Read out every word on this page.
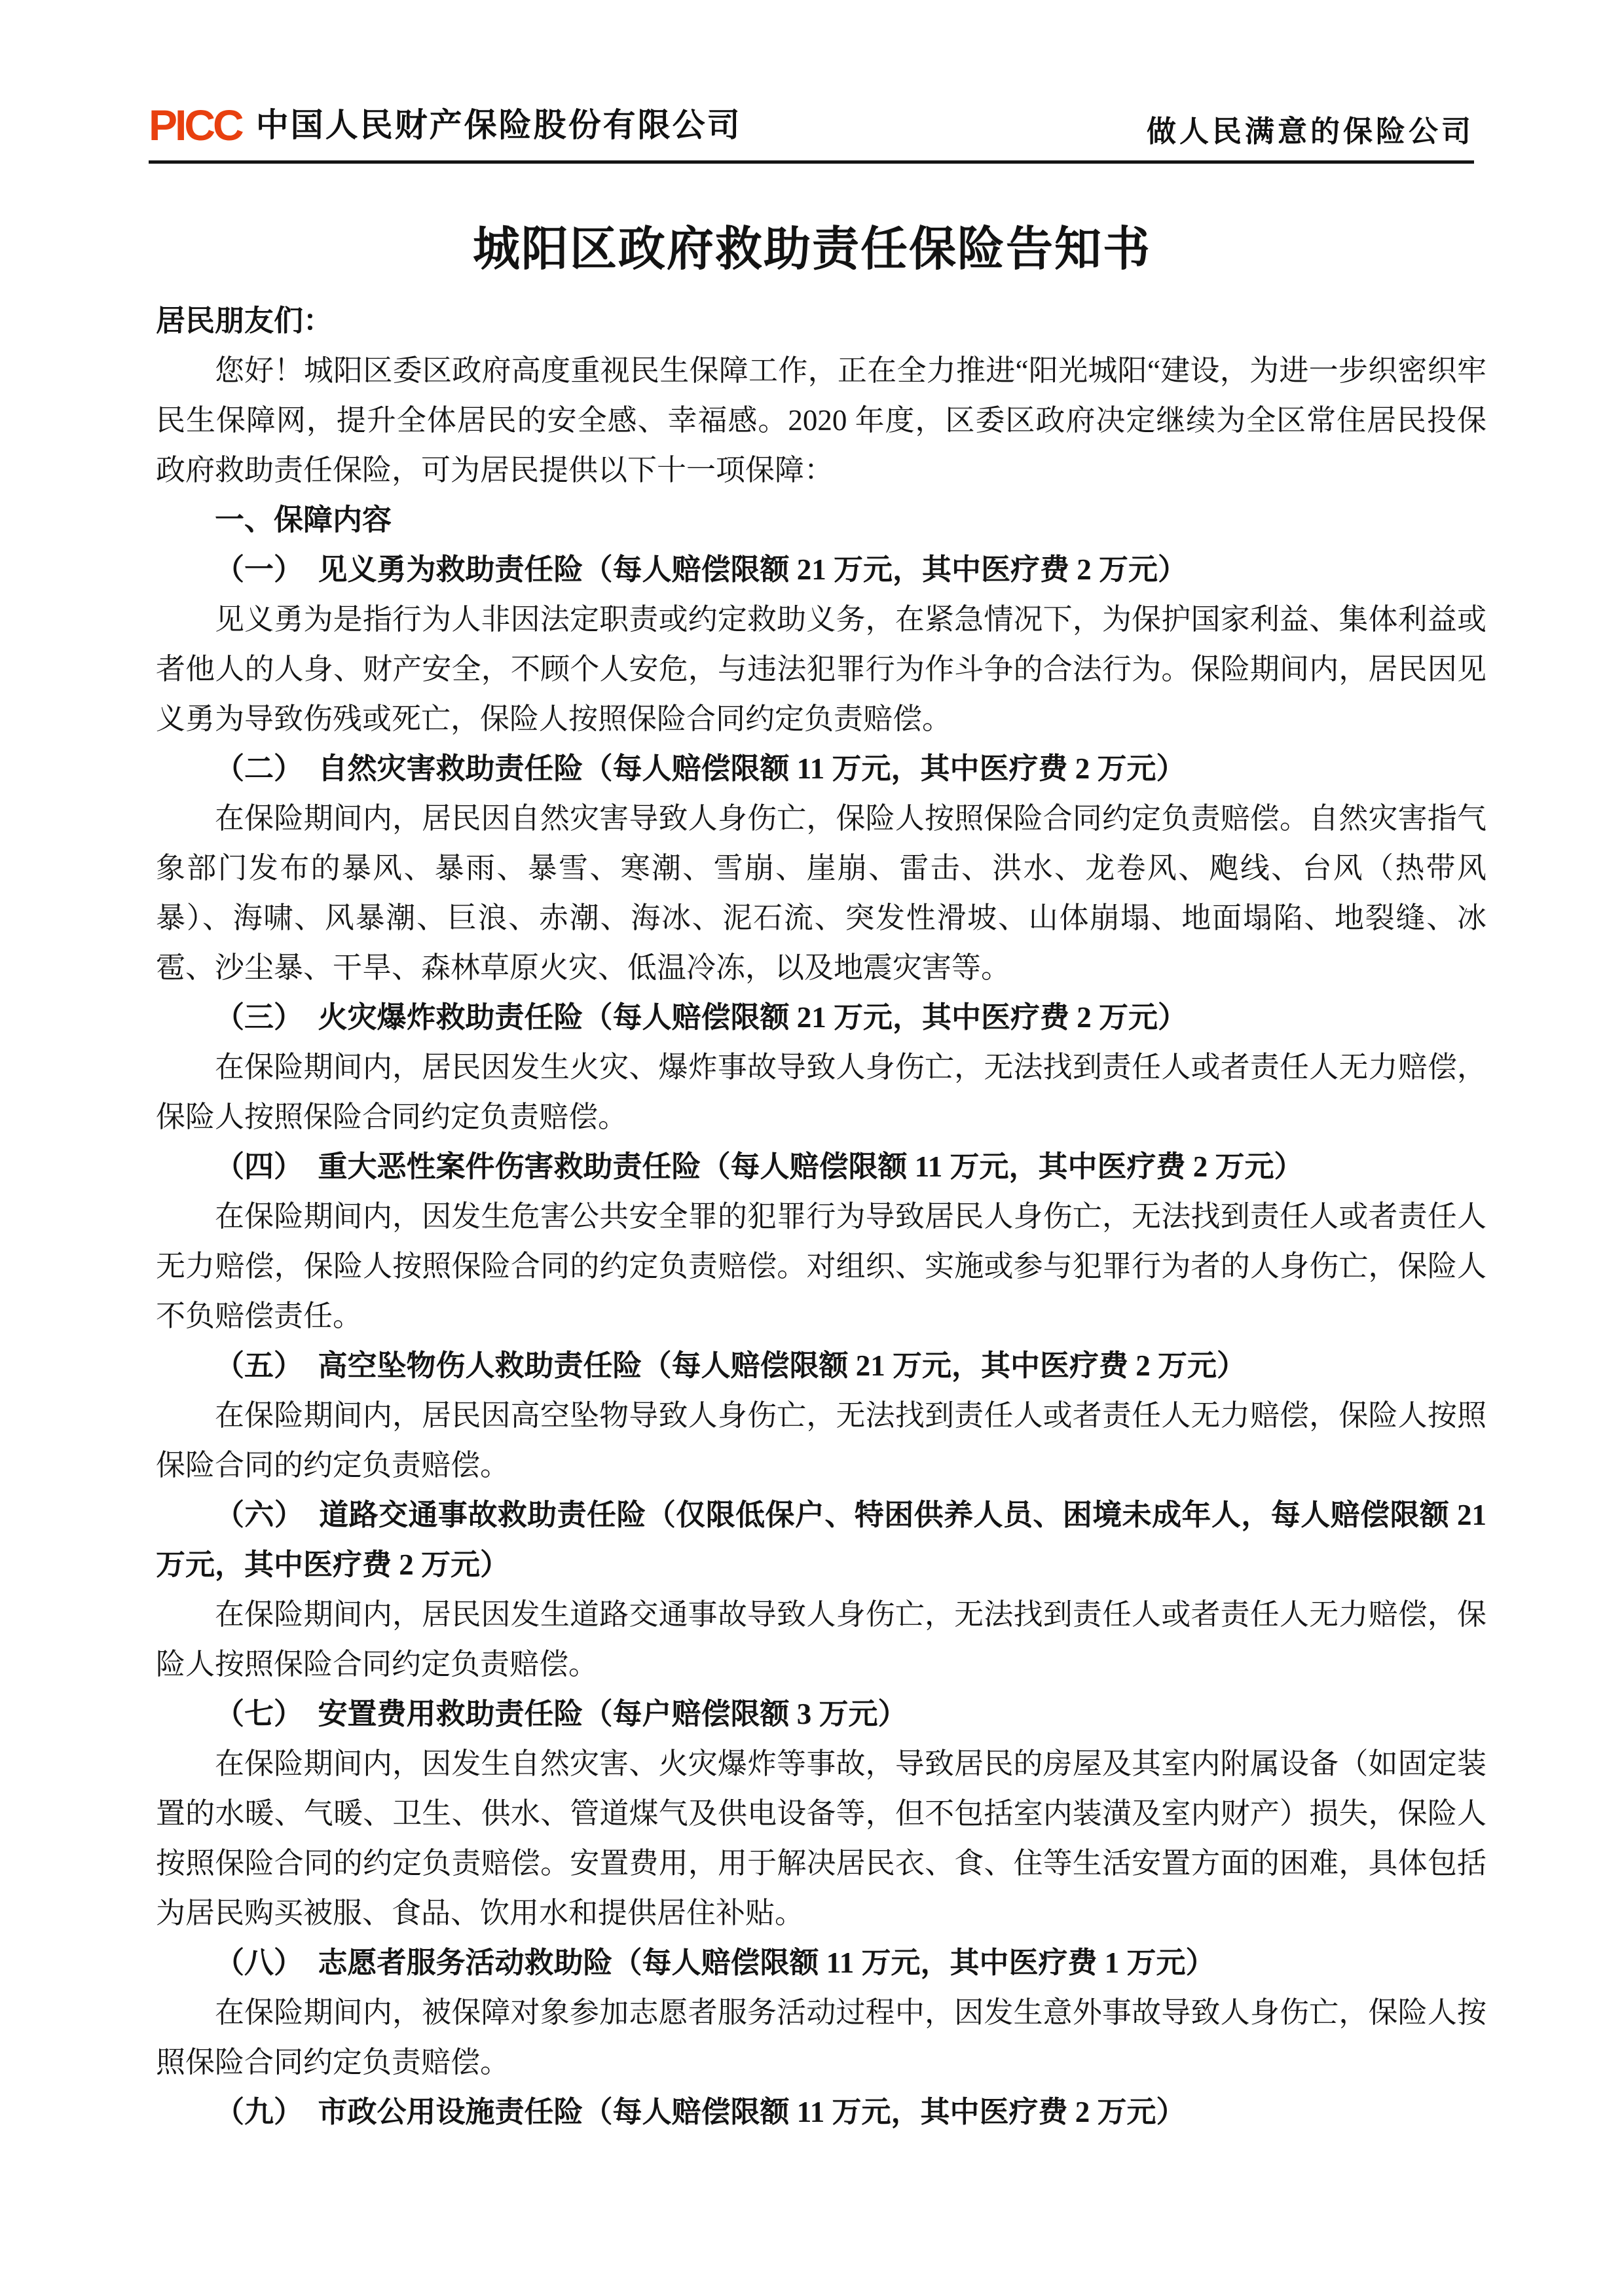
PICC 中国人民财产保险股份有限公司	做人民满意的保险公司
城阳区政府救助责任保险告知书

居民朋友们：

您好！城阳区委区政府高度重视民生保障工作，正在全力推进“阳光城阳“建设，为进一步织密织牢民生保障网，提升全体居民的安全感、幸福感。2020 年度，区委区政府决定继续为全区常住居民投保政府救助责任保险，可为居民提供以下十一项保障：

一、保障内容

（一）　见义勇为救助责任险（每人赔偿限额 21 万元，其中医疗费 2 万元）

见义勇为是指行为人非因法定职责或约定救助义务，在紧急情况下，为保护国家利益、集体利益或者他人的人身、财产安全，不顾个人安危，与违法犯罪行为作斗争的合法行为。保险期间内，居民因见义勇为导致伤残或死亡，保险人按照保险合同约定负责赔偿。

（二）　自然灾害救助责任险（每人赔偿限额 11 万元，其中医疗费 2 万元）

在保险期间内，居民因自然灾害导致人身伤亡，保险人按照保险合同约定负责赔偿。自然灾害指气象部门发布的暴风、暴雨、暴雪、寒潮、雪崩、崖崩、雷击、洪水、龙卷风、飑线、台风（热带风暴）、海啸、风暴潮、巨浪、赤潮、海冰、泥石流、突发性滑坡、山体崩塌、地面塌陷、地裂缝、冰雹、沙尘暴、干旱、森林草原火灾、低温冷冻，以及地震灾害等。

（三）　火灾爆炸救助责任险（每人赔偿限额 21 万元，其中医疗费 2 万元）

在保险期间内，居民因发生火灾、爆炸事故导致人身伤亡，无法找到责任人或者责任人无力赔偿，保险人按照保险合同约定负责赔偿。

（四）　重大恶性案件伤害救助责任险（每人赔偿限额 11 万元，其中医疗费 2 万元）

在保险期间内，因发生危害公共安全罪的犯罪行为导致居民人身伤亡，无法找到责任人或者责任人无力赔偿，保险人按照保险合同的约定负责赔偿。对组织、实施或参与犯罪行为者的人身伤亡，保险人不负赔偿责任。

（五）　高空坠物伤人救助责任险（每人赔偿限额 21 万元，其中医疗费 2 万元）

在保险期间内，居民因高空坠物导致人身伤亡，无法找到责任人或者责任人无力赔偿，保险人按照保险合同的约定负责赔偿。

（六）　道路交通事故救助责任险（仅限低保户、特困供养人员、困境未成年人，每人赔偿限额 21 万元，其中医疗费 2 万元）

在保险期间内，居民因发生道路交通事故导致人身伤亡，无法找到责任人或者责任人无力赔偿，保险人按照保险合同约定负责赔偿。

（七）　安置费用救助责任险（每户赔偿限额 3 万元）

在保险期间内，因发生自然灾害、火灾爆炸等事故，导致居民的房屋及其室内附属设备（如固定装置的水暖、气暖、卫生、供水、管道煤气及供电设备等，但不包括室内装潢及室内财产）损失，保险人按照保险合同的约定负责赔偿。安置费用，用于解决居民衣、食、住等生活安置方面的困难，具体包括为居民购买被服、食品、饮用水和提供居住补贴。

（八）　志愿者服务活动救助险（每人赔偿限额 11 万元，其中医疗费 1 万元）

在保险期间内，被保障对象参加志愿者服务活动过程中，因发生意外事故导致人身伤亡，保险人按照保险合同约定负责赔偿。

（九）　市政公用设施责任险（每人赔偿限额 11 万元，其中医疗费 2 万元）
